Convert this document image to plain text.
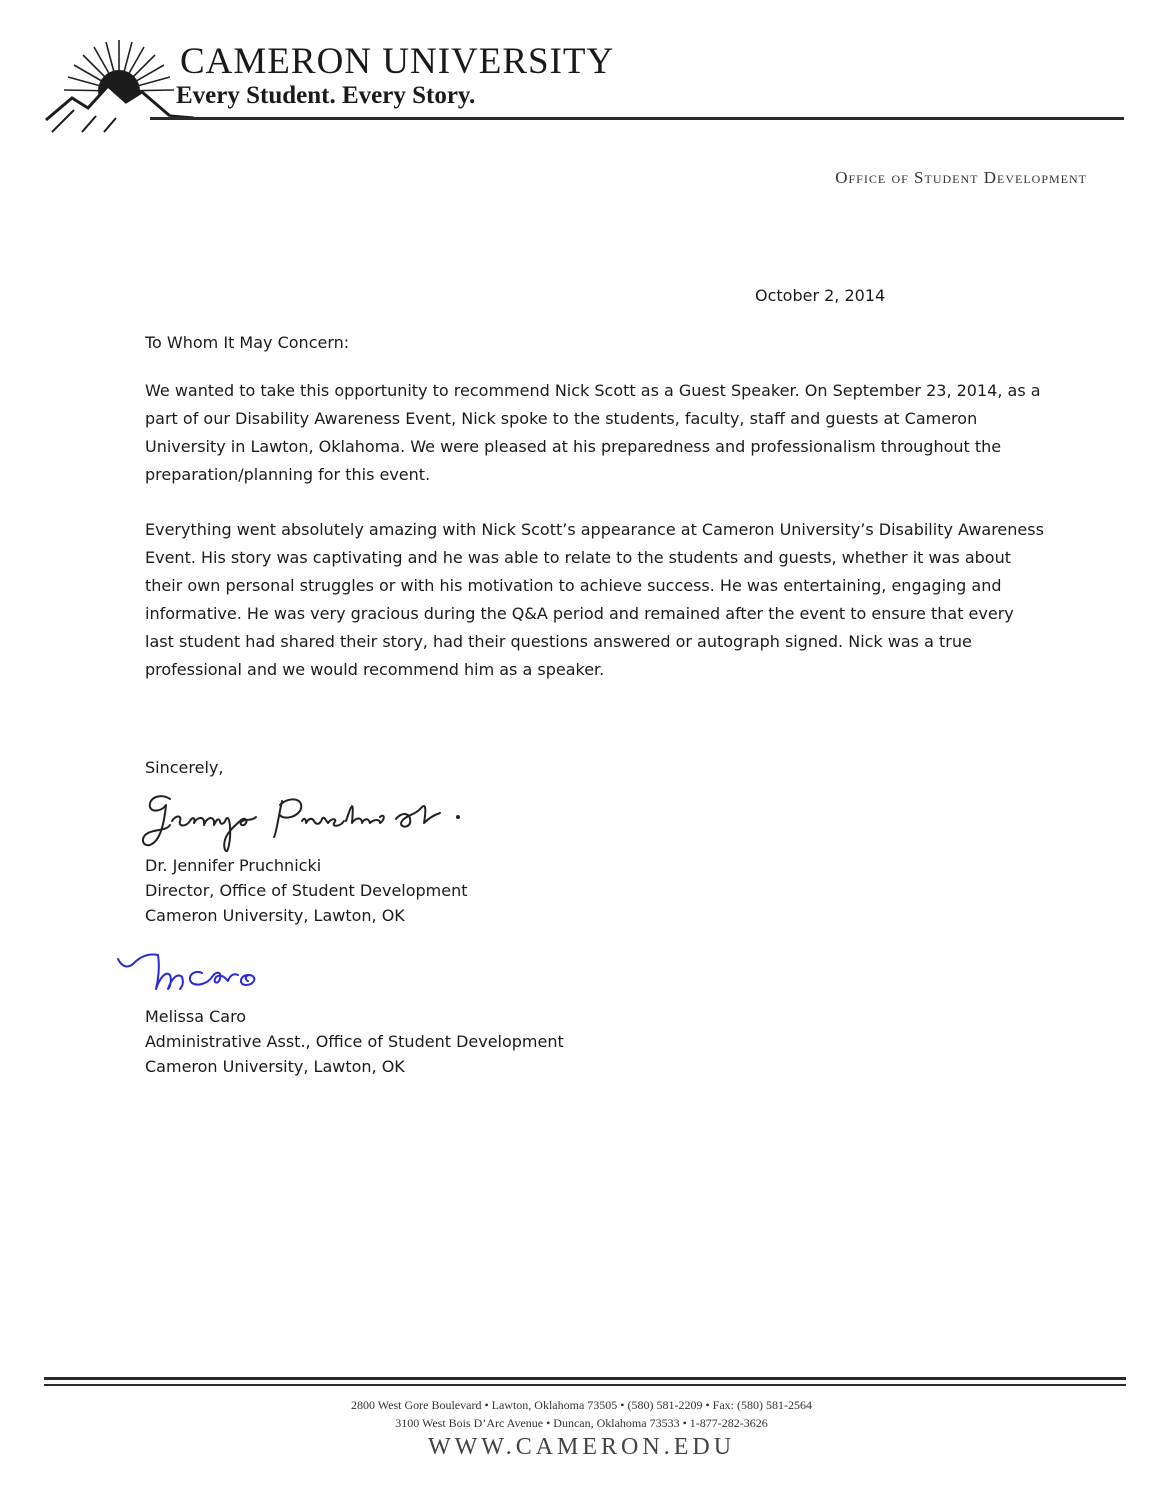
CAMERON UNIVERSITY
Every Student. Every Story.
Office of Student Development
October 2, 2014
To Whom It May Concern:

We wanted to take this opportunity to recommend Nick Scott as a Guest Speaker. On September 23, 2014, as a part of our Disability Awareness Event, Nick spoke to the students, faculty, staff and guests at Cameron University in Lawton, Oklahoma. We were pleased at his preparedness and professionalism throughout the preparation/planning for this event.

Everything went absolutely amazing with Nick Scott’s appearance at Cameron University’s Disability Awareness Event. His story was captivating and he was able to relate to the students and guests, whether it was about their own personal struggles or with his motivation to achieve success. He was entertaining, engaging and informative. He was very gracious during the Q&A period and remained after the event to ensure that every last student had shared their story, had their questions answered or autograph signed. Nick was a true professional and we would recommend him as a speaker.

Sincerely,
Dr. Jennifer Pruchnicki
Director, Office of Student Development
Cameron University, Lawton, OK
Melissa Caro
Administrative Asst., Office of Student Development
Cameron University, Lawton, OK
2800 West Gore Boulevard • Lawton, Oklahoma 73505 • (580) 581-2209 • Fax: (580) 581-2564
3100 West Bois D’Arc Avenue • Duncan, Oklahoma 73533 • 1-877-282-3626
WWW.CAMERON.EDU
